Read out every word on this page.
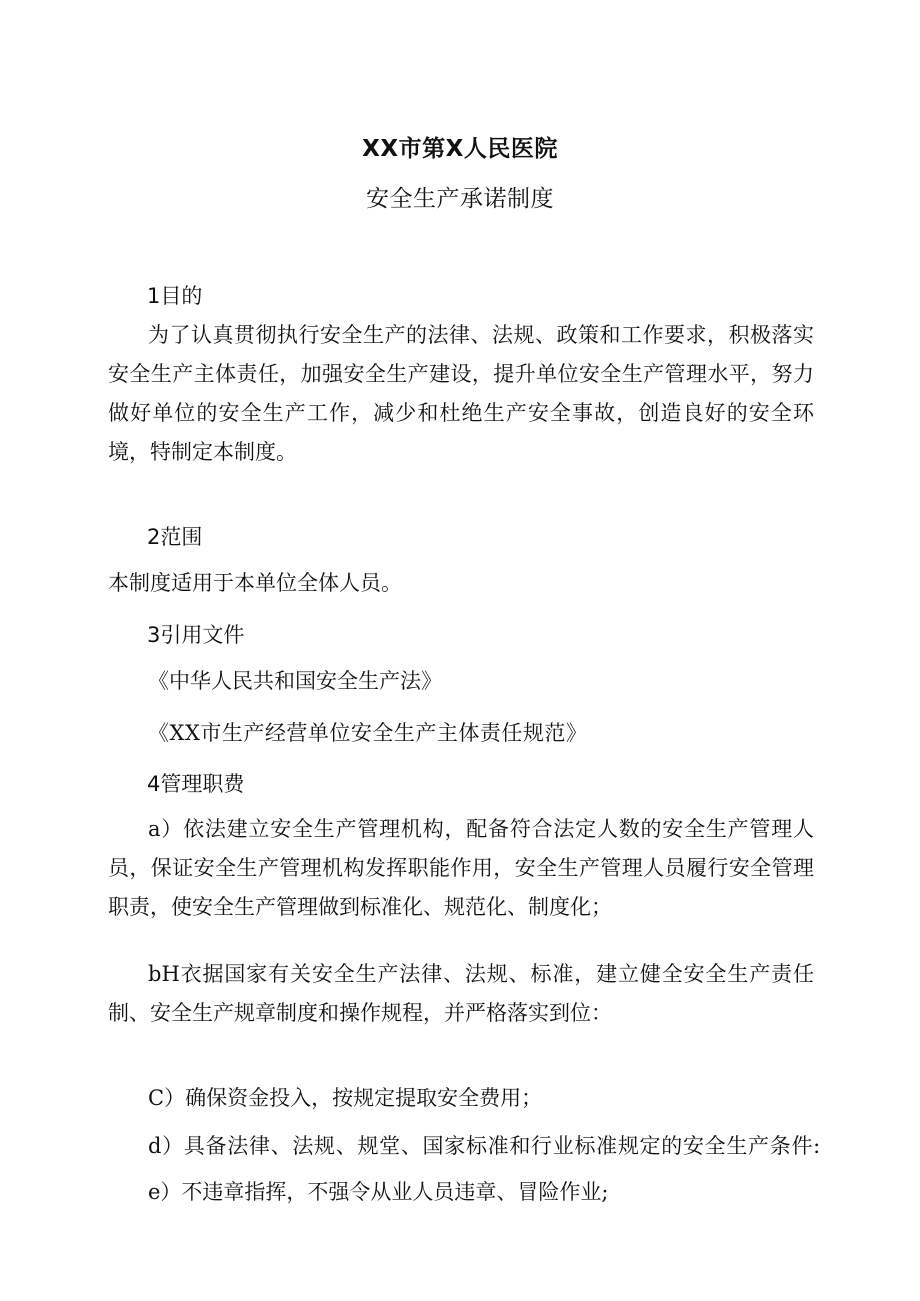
XX市第X人民医院
安全生产承诺制度
1目的

为了认真贯彻执行安全生产的法律、法规、政策和工作要求，积极落实安全生产主体责任，加强安全生产建设，提升单位安全生产管理水平，努力做好单位的安全生产工作，减少和杜绝生产安全事故，创造良好的安全环境，特制定本制度。

2范围

本制度适用于本单位全体人员。

3引用文件

《中华人民共和国安全生产法》

《XX市生产经营单位安全生产主体责任规范》

4管理职费

a）依法建立安全生产管理机构，配备符合法定人数的安全生产管理人员，保证安全生产管理机构发挥职能作用，安全生产管理人员履行安全管理职责，使安全生产管理做到标准化、规范化、制度化；

bH衣据国家有关安全生产法律、法规、标准，建立健全安全生产责任制、安全生产规章制度和操作规程，并严格落实到位：

C）确保资金投入，按规定提取安全费用；

d）具备法律、法规、规堂、国家标准和行业标准规定的安全生产条件:

e）不违章指挥，不强令从业人员违章、冒险作业;
